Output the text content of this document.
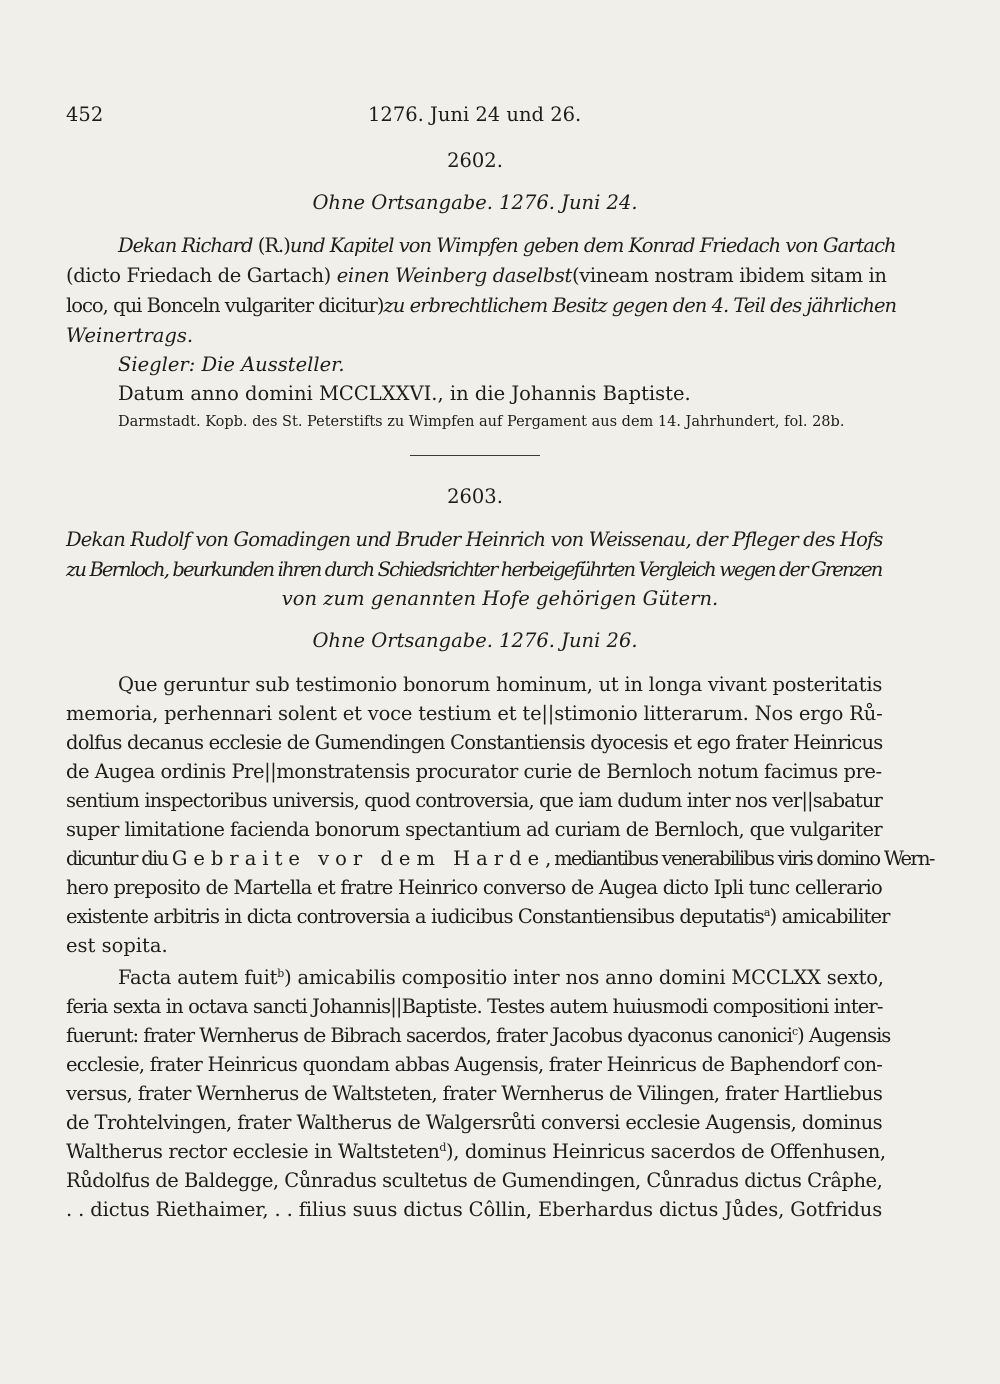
452	1276. Juni 24 und 26.
2602.
Ohne Ortsangabe. 1276. Juni 24.
Dekan Richard (R.) und Kapitel von Wimpfen geben dem Konrad Friedach von Gartach
(dicto Friedach de Gartach) einen Weinberg daselbst (vineam nostram ibidem sitam in
loco, qui Bonceln vulgariter dicitur) zu erbrechtlichem Besitz gegen den 4. Teil des jährlichen
Weinertrags.
Siegler: Die Aussteller.
Datum anno domini MCCLXXVI., in die Johannis Baptiste.
Darmstadt. Kopb. des St. Peterstifts zu Wimpfen auf Pergament aus dem 14. Jahrhundert, fol. 28b.
2603.
Dekan Rudolf von Gomadingen und Bruder Heinrich von Weissenau, der Pfleger des Hofs
zu Bernloch, beurkunden ihren durch Schiedsrichter herbeigeführten Vergleich wegen der Grenzen
von zum genannten Hofe gehörigen Gütern.
Ohne Ortsangabe. 1276. Juni 26.
Que geruntur sub testimonio bonorum hominum, ut in longa vivant posteritatis
memoria, perhennari solent et voce testium et te||stimonio litterarum. Nos ergo Rů-
dolfus decanus ecclesie de Gumendingen Constantiensis dyocesis et ego frater Heinricus
de Augea ordinis Pre||monstratensis procurator curie de Bernloch notum facimus pre-
sentium inspectoribus universis, quod controversia, que iam dudum inter nos ver||sabatur
super limitatione facienda bonorum spectantium ad curiam de Bernloch, que vulgariter
dicuntur diu Gebraite vor dem Harde, mediantibus venerabilibus viris domino Wern-
hero preposito de Martella et fratre Heinrico converso de Augea dicto Ipli tunc cellerario
existente arbitris in dicta controversia a iudicibus Constantiensibus deputatis$^a$) amicabiliter
est sopita.
Facta autem fuit$^b$) amicabilis compositio inter nos anno domini MCCLXX sexto,
feria sexta in octava sancti Johannis||Baptiste. Testes autem huiusmodi compositioni inter-
fuerunt: frater Wernherus de Bibrach sacerdos, frater Jacobus dyaconus canonici$^c$) Augensis
ecclesie, frater Heinricus quondam abbas Augensis, frater Heinricus de Baphendorf con-
versus, frater Wernherus de Waltsteten, frater Wernherus de Vilingen, frater Hartliebus
de Trohtelvingen, frater Waltherus de Walgersrůti conversi ecclesie Augensis, dominus
Waltherus rector ecclesie in Waltsteten$^d$), dominus Heinricus sacerdos de Offenhusen,
Růdolfus de Baldegge, Cůnradus scultetus de Gumendingen, Cůnradus dictus Crâphe,
. . dictus Riethaimer, . . filius suus dictus Côllin, Eberhardus dictus Jůdes, Gotfridus
